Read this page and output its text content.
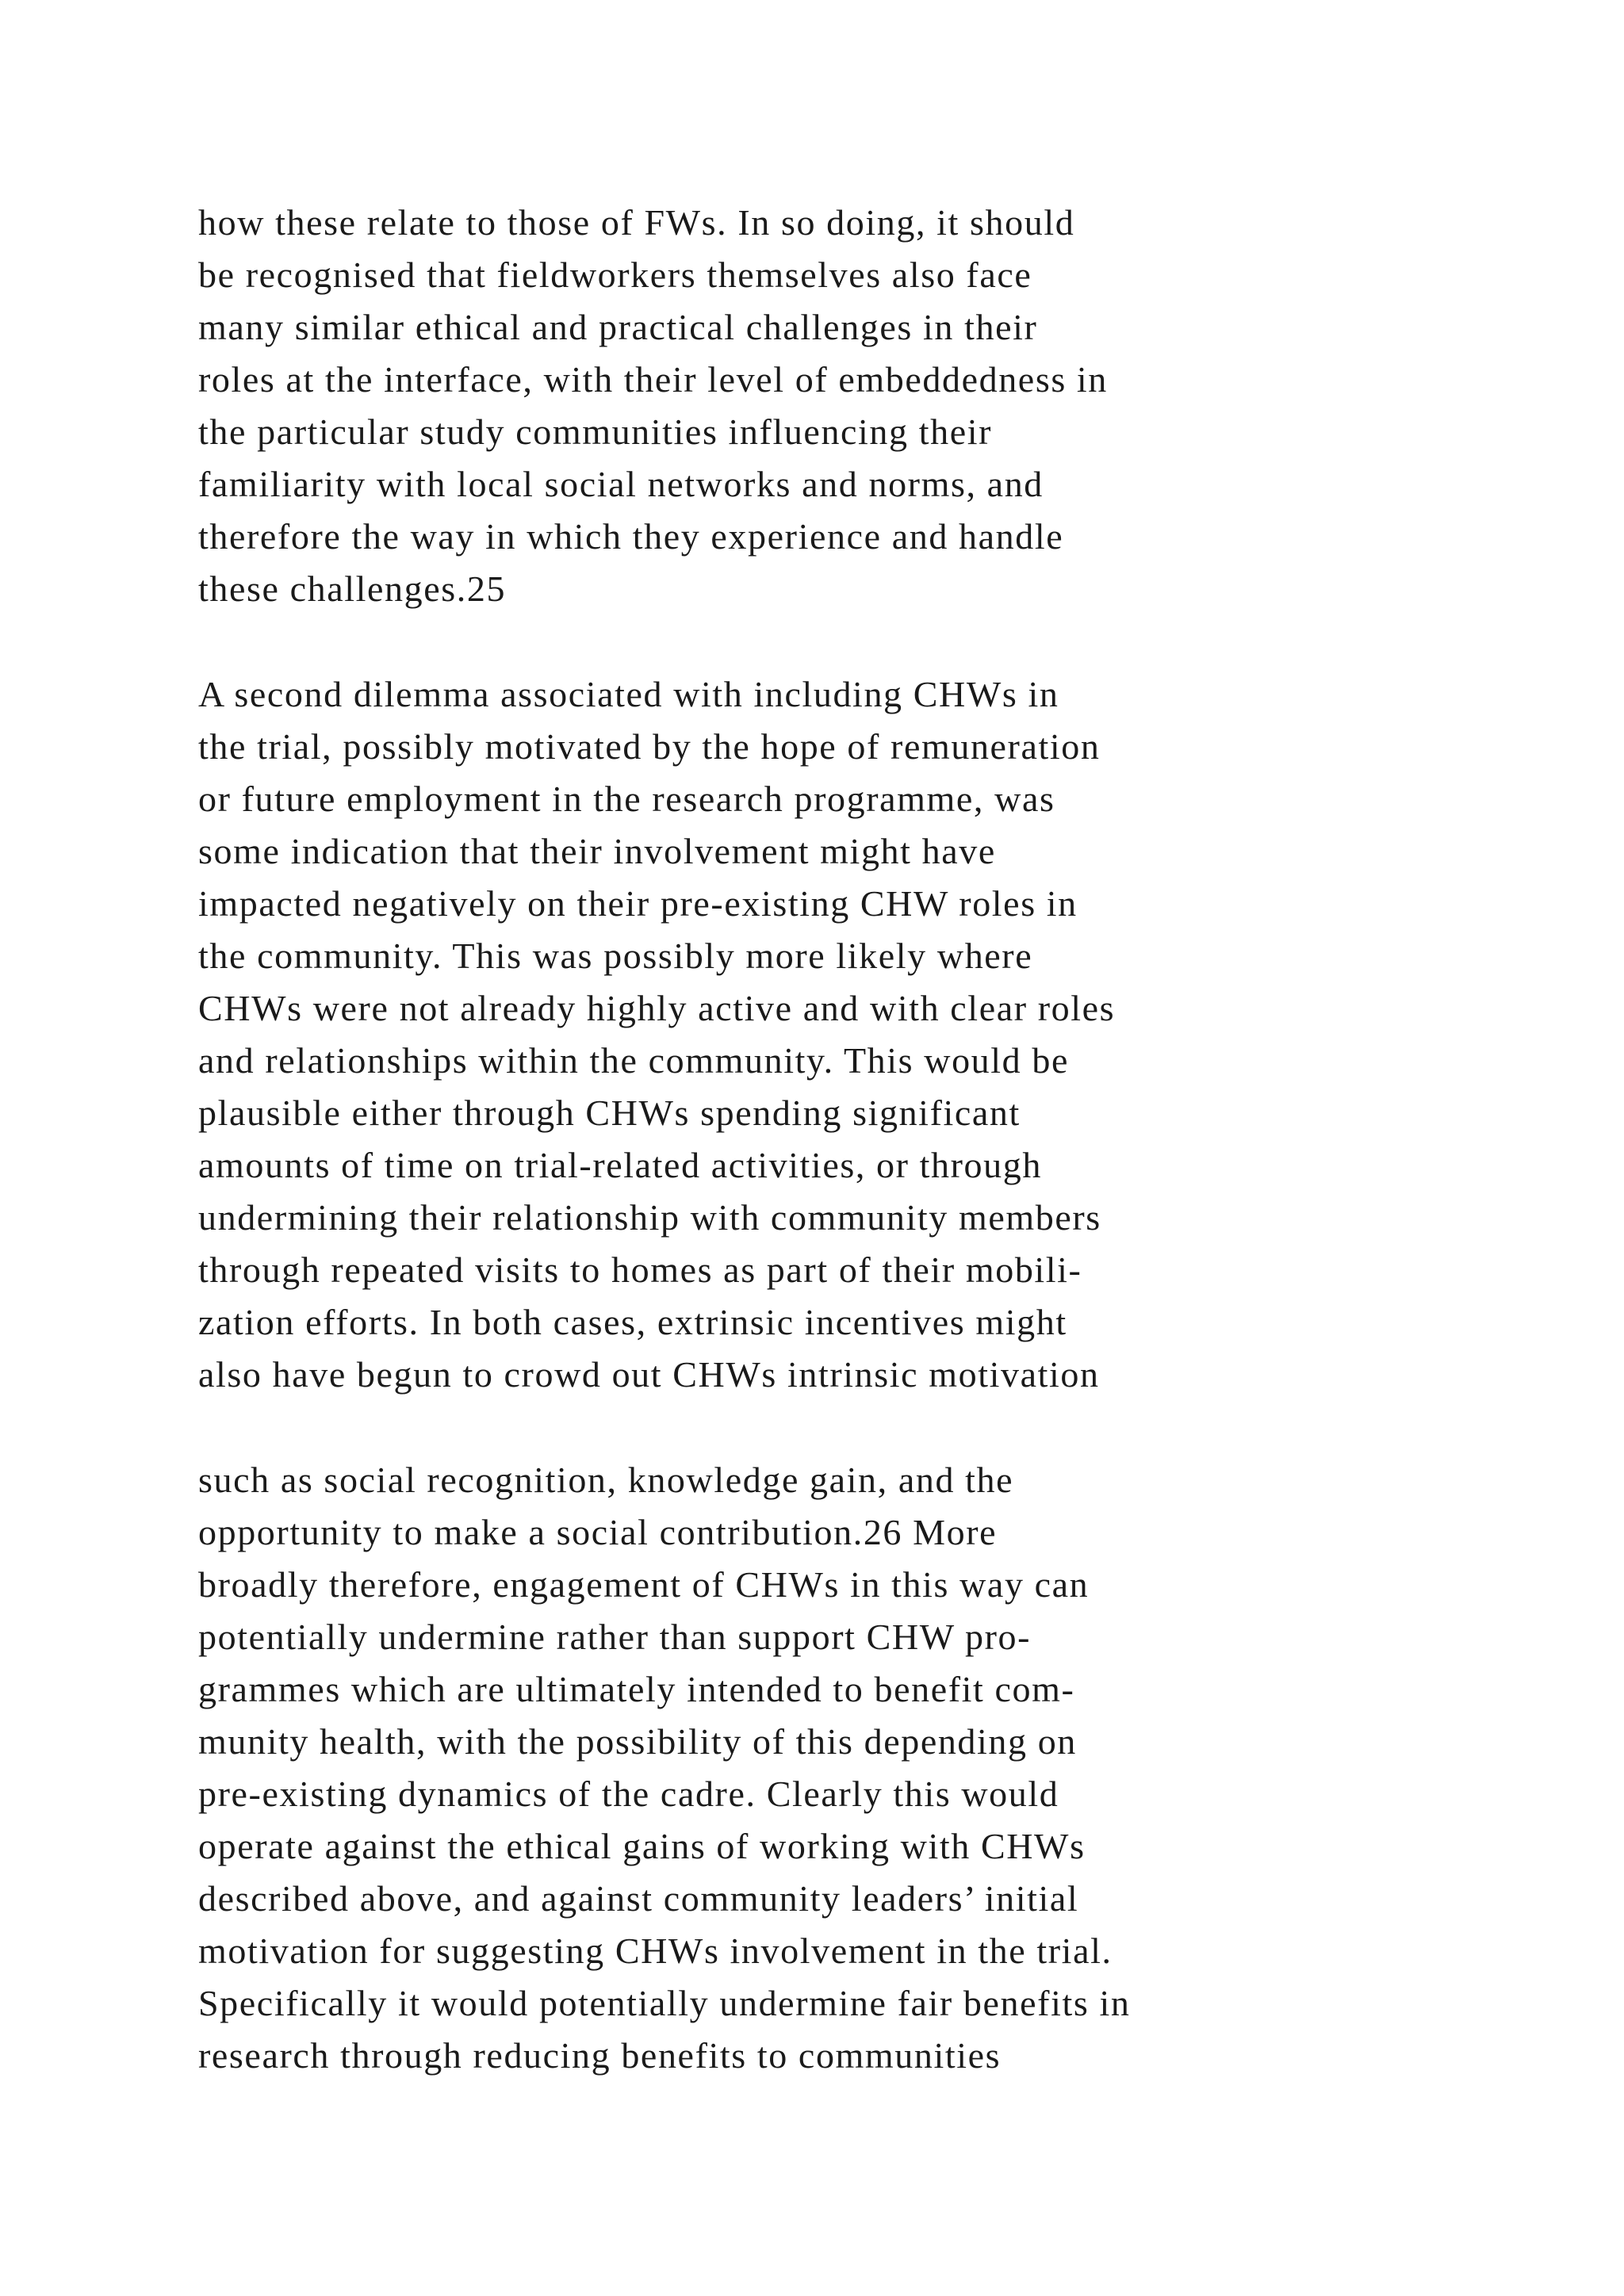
how these relate to those of FWs. In so doing, it should
be recognised that fieldworkers themselves also face
many similar ethical and practical challenges in their
roles at the interface, with their level of embeddedness in
the particular study communities influencing their
familiarity with local social networks and norms, and
therefore the way in which they experience and handle
these challenges.25
A second dilemma associated with including CHWs in
the trial, possibly motivated by the hope of remuneration
or future employment in the research programme, was
some indication that their involvement might have
impacted negatively on their pre-existing CHW roles in
the community. This was possibly more likely where
CHWs were not already highly active and with clear roles
and relationships within the community. This would be
plausible either through CHWs spending significant
amounts of time on trial-related activities, or through
undermining their relationship with community members
through repeated visits to homes as part of their mobili-
zation efforts. In both cases, extrinsic incentives might
also have begun to crowd out CHWs intrinsic motivation
such as social recognition, knowledge gain, and the
opportunity to make a social contribution.26 More
broadly therefore, engagement of CHWs in this way can
potentially undermine rather than support CHW pro-
grammes which are ultimately intended to benefit com-
munity health, with the possibility of this depending on
pre-existing dynamics of the cadre. Clearly this would
operate against the ethical gains of working with CHWs
described above, and against community leaders’ initial
motivation for suggesting CHWs involvement in the trial.
Specifically it would potentially undermine fair benefits in
research through reducing benefits to communities
